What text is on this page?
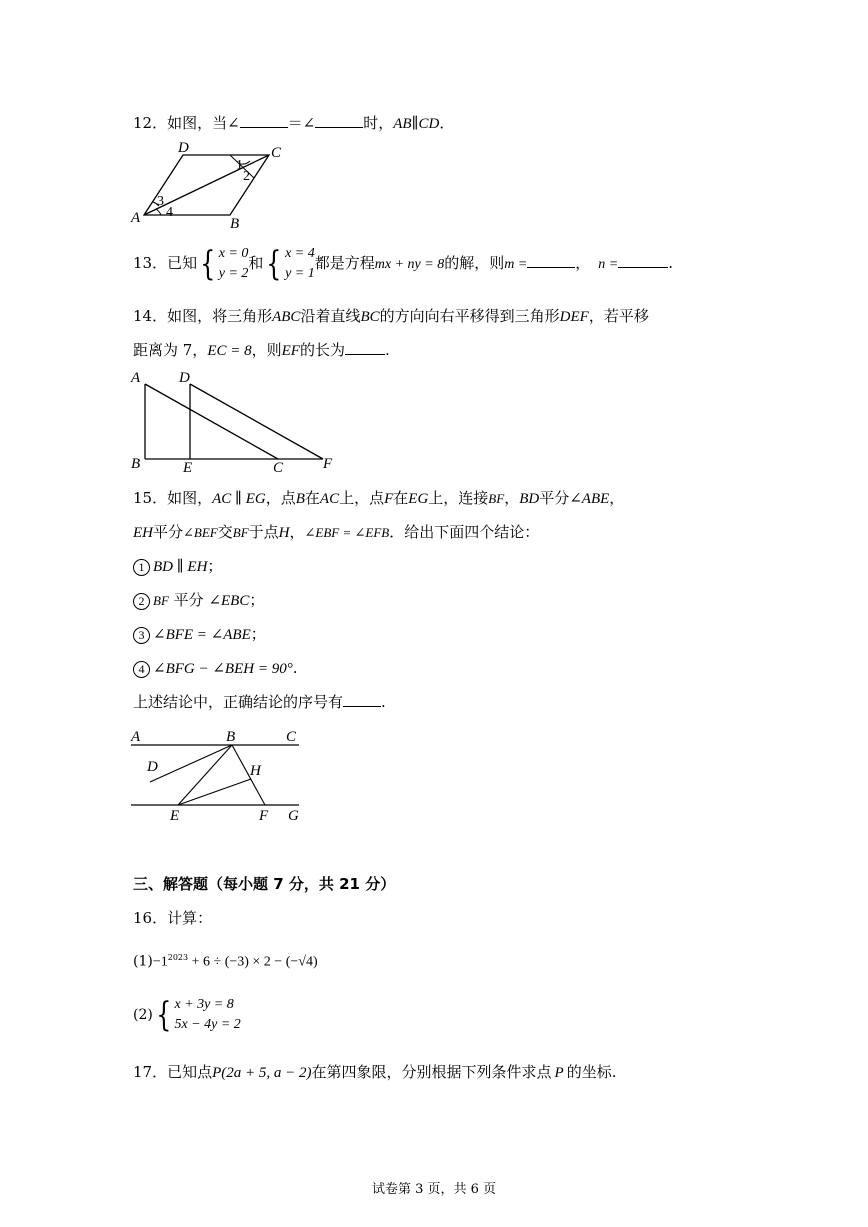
12．如图，当∠	＝∠	时，AB∥CD．
D	C
A	B
1
2
3
4
13．已知 { x = 0
y = 2
和 { x = 4
y = 1
都是方程mx + ny = 8的解，则m =	， n =	.
14．如图，将三角形ABC沿着直线BC的方向向右平移得到三角形DEF，若平移
距离为 7，EC = 8，则EF的长为	.
A	D
B	E	C	F
15．如图，AC ∥ EG，点B在AC上，点F在EG上，连接BF，BD平分∠ABE，
EH平分∠BEF交BF于点H，∠EBF = ∠EFB．给出下面四个结论：
1 BD ∥ EH；
2 BF 平分 ∠EBC；
3 ∠BFE = ∠ABE；
4 ∠BFG − ∠BEH = 90°.
上述结论中，正确结论的序号有	.
A	B	C
D	H
E	F G
三、解答题（每小题 7 分，共 21 分）
16．计算：
$(1)-1^{2023} + 6 \div (-3) \times 2 - (-√4)$
(2) { x + 3y = 8
5x − 4y = 2
17．已知点P(2a + 5, a − 2)在第四象限，分别根据下列条件求点 P 的坐标.
试卷第 3 页，共 6 页
